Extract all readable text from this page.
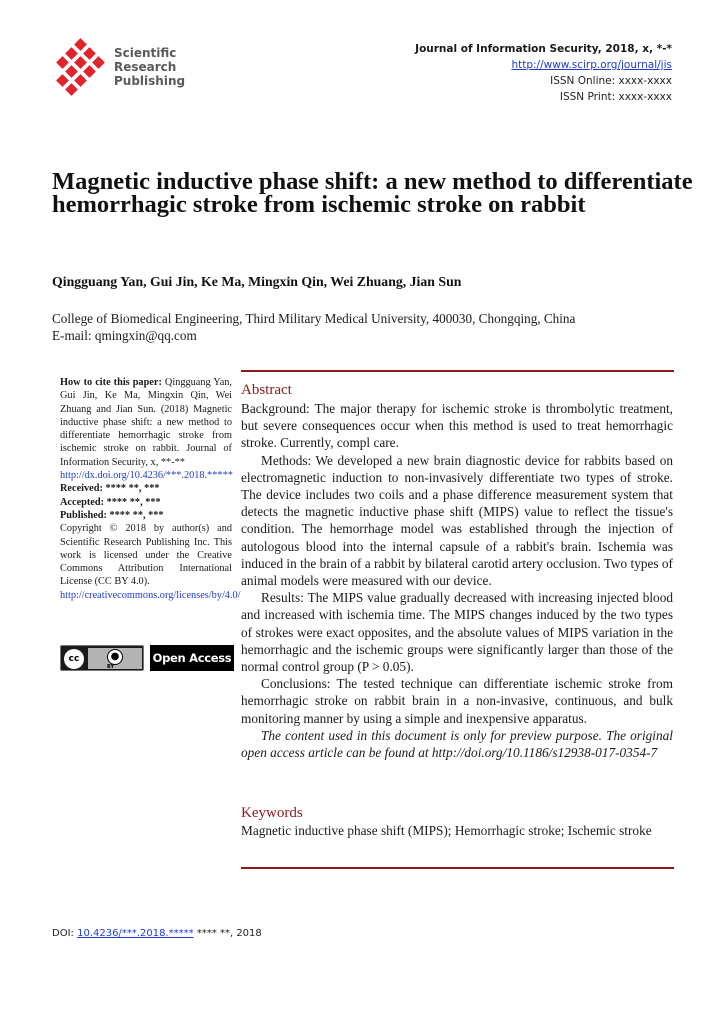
Scientific
Research
Publishing
Journal of Information Security, 2018, x, *-*
http://www.scirp.org/journal/jis
ISSN Online: xxxx-xxxx
ISSN Print: xxxx-xxxx
Magnetic inductive phase shift: a new method to differentiate hemorrhagic stroke from ischemic stroke on rabbit
Qingguang Yan, Gui Jin, Ke Ma, Mingxin Qin, Wei Zhuang, Jian Sun
College of Biomedical Engineering, Third Military Medical University, 400030, Chongqing, China
E-mail: qmingxin@qq.com
How to cite this paper: Qingguang Yan, Gui Jin, Ke Ma, Mingxin Qin, Wei Zhuang and Jian Sun. (2018) Magnetic inductive phase shift: a new method to differentiate hemorrhagic stroke from ischemic stroke on rabbit. Journal of Information Security, x, **-**
http://dx.doi.org/10.4236/***.2018.*****
Received: **** **, ***
Accepted: **** **, ***
Published: **** **, ***
Copyright © 2018 by author(s) and Scientific Research Publishing Inc. This work is licensed under the Creative Commons Attribution International License (CC BY 4.0).
http://creativecommons.org/licenses/by/4.0/
cc	●
BY
Open Access
Abstract

Background: The major therapy for ischemic stroke is thrombolytic treatment, but severe consequences occur when this method is used to treat hemorrhagic stroke. Currently, compl care.

Methods: We developed a new brain diagnostic device for rabbits based on electromagnetic induction to non-invasively differentiate two types of stroke. The device includes two coils and a phase difference measurement system that detects the magnetic inductive phase shift (MIPS) value to reflect the tissue's condition. The hemorrhage model was established through the injection of autologous blood into the internal capsule of a rabbit's brain. Ischemia was induced in the brain of a rabbit by bilateral carotid artery occlusion. Two types of animal models were measured with our device.

Results: The MIPS value gradually decreased with increasing injected blood and increased with ischemia time. The MIPS changes induced by the two types of strokes were exact opposites, and the absolute values of MIPS variation in the hemorrhagic and the ischemic groups were significantly larger than those of the normal control group (P > 0.05).

Conclusions: The tested technique can differentiate ischemic stroke from hemorrhagic stroke on rabbit brain in a non-invasive, continuous, and bulk monitoring manner by using a simple and inexpensive apparatus.

The content used in this document is only for preview purpose. The original open access article can be found at http://doi.org/10.1186/s12938-017-0354-7

Keywords
Magnetic inductive phase shift (MIPS); Hemorrhagic stroke; Ischemic stroke
DOI: 10.4236/***.2018.***** **** **, 2018
